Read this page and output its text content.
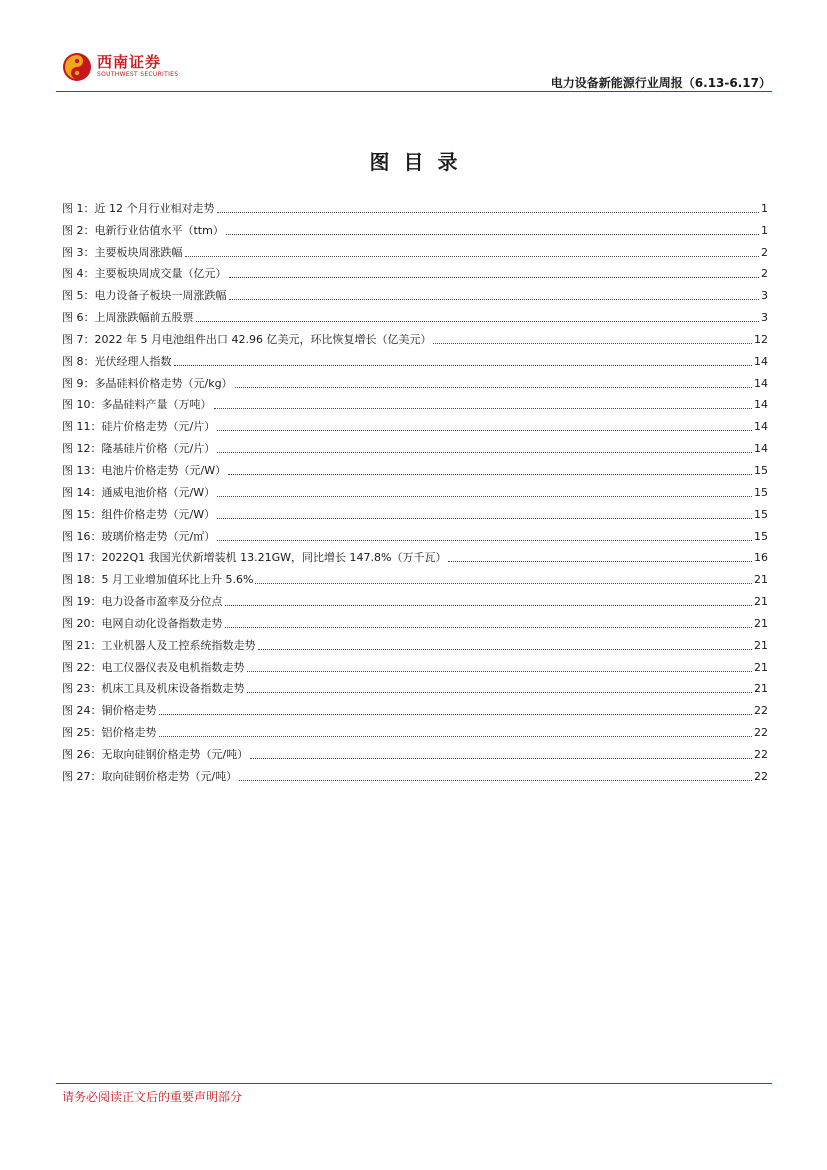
西南证券
SOUTHWEST SECURITIES
电力设备新能源行业周报（6.13-6.17）
图目录
图 1：近 12 个月行业相对走势	1
图 2：电新行业估值水平（ttm）	1
图 3：主要板块周涨跌幅	2
图 4：主要板块周成交量（亿元）	2
图 5：电力设备子板块一周涨跌幅	3
图 6：上周涨跌幅前五股票	3
图 7：2022 年 5 月电池组件出口 42.96 亿美元，环比恢复增长（亿美元）	12
图 8：光伏经理人指数	14
图 9：多晶硅料价格走势（元/kg）	14
图 10：多晶硅料产量（万吨）	14
图 11：硅片价格走势（元/片）	14
图 12：隆基硅片价格（元/片）	14
图 13：电池片价格走势（元/W）	15
图 14：通威电池价格（元/W）	15
图 15：组件价格走势（元/W）	15
图 16：玻璃价格走势（元/㎡）	15
图 17：2022Q1 我国光伏新增装机 13.21GW，同比增长 147.8%（万千瓦）	16
图 18：5 月工业增加值环比上升 5.6%	21
图 19：电力设备市盈率及分位点	21
图 20：电网自动化设备指数走势	21
图 21：工业机器人及工控系统指数走势	21
图 22：电工仪器仪表及电机指数走势	21
图 23：机床工具及机床设备指数走势	21
图 24：铜价格走势	22
图 25：铝价格走势	22
图 26：无取向硅钢价格走势（元/吨）	22
图 27：取向硅钢价格走势（元/吨）	22
请务必阅读正文后的重要声明部分
